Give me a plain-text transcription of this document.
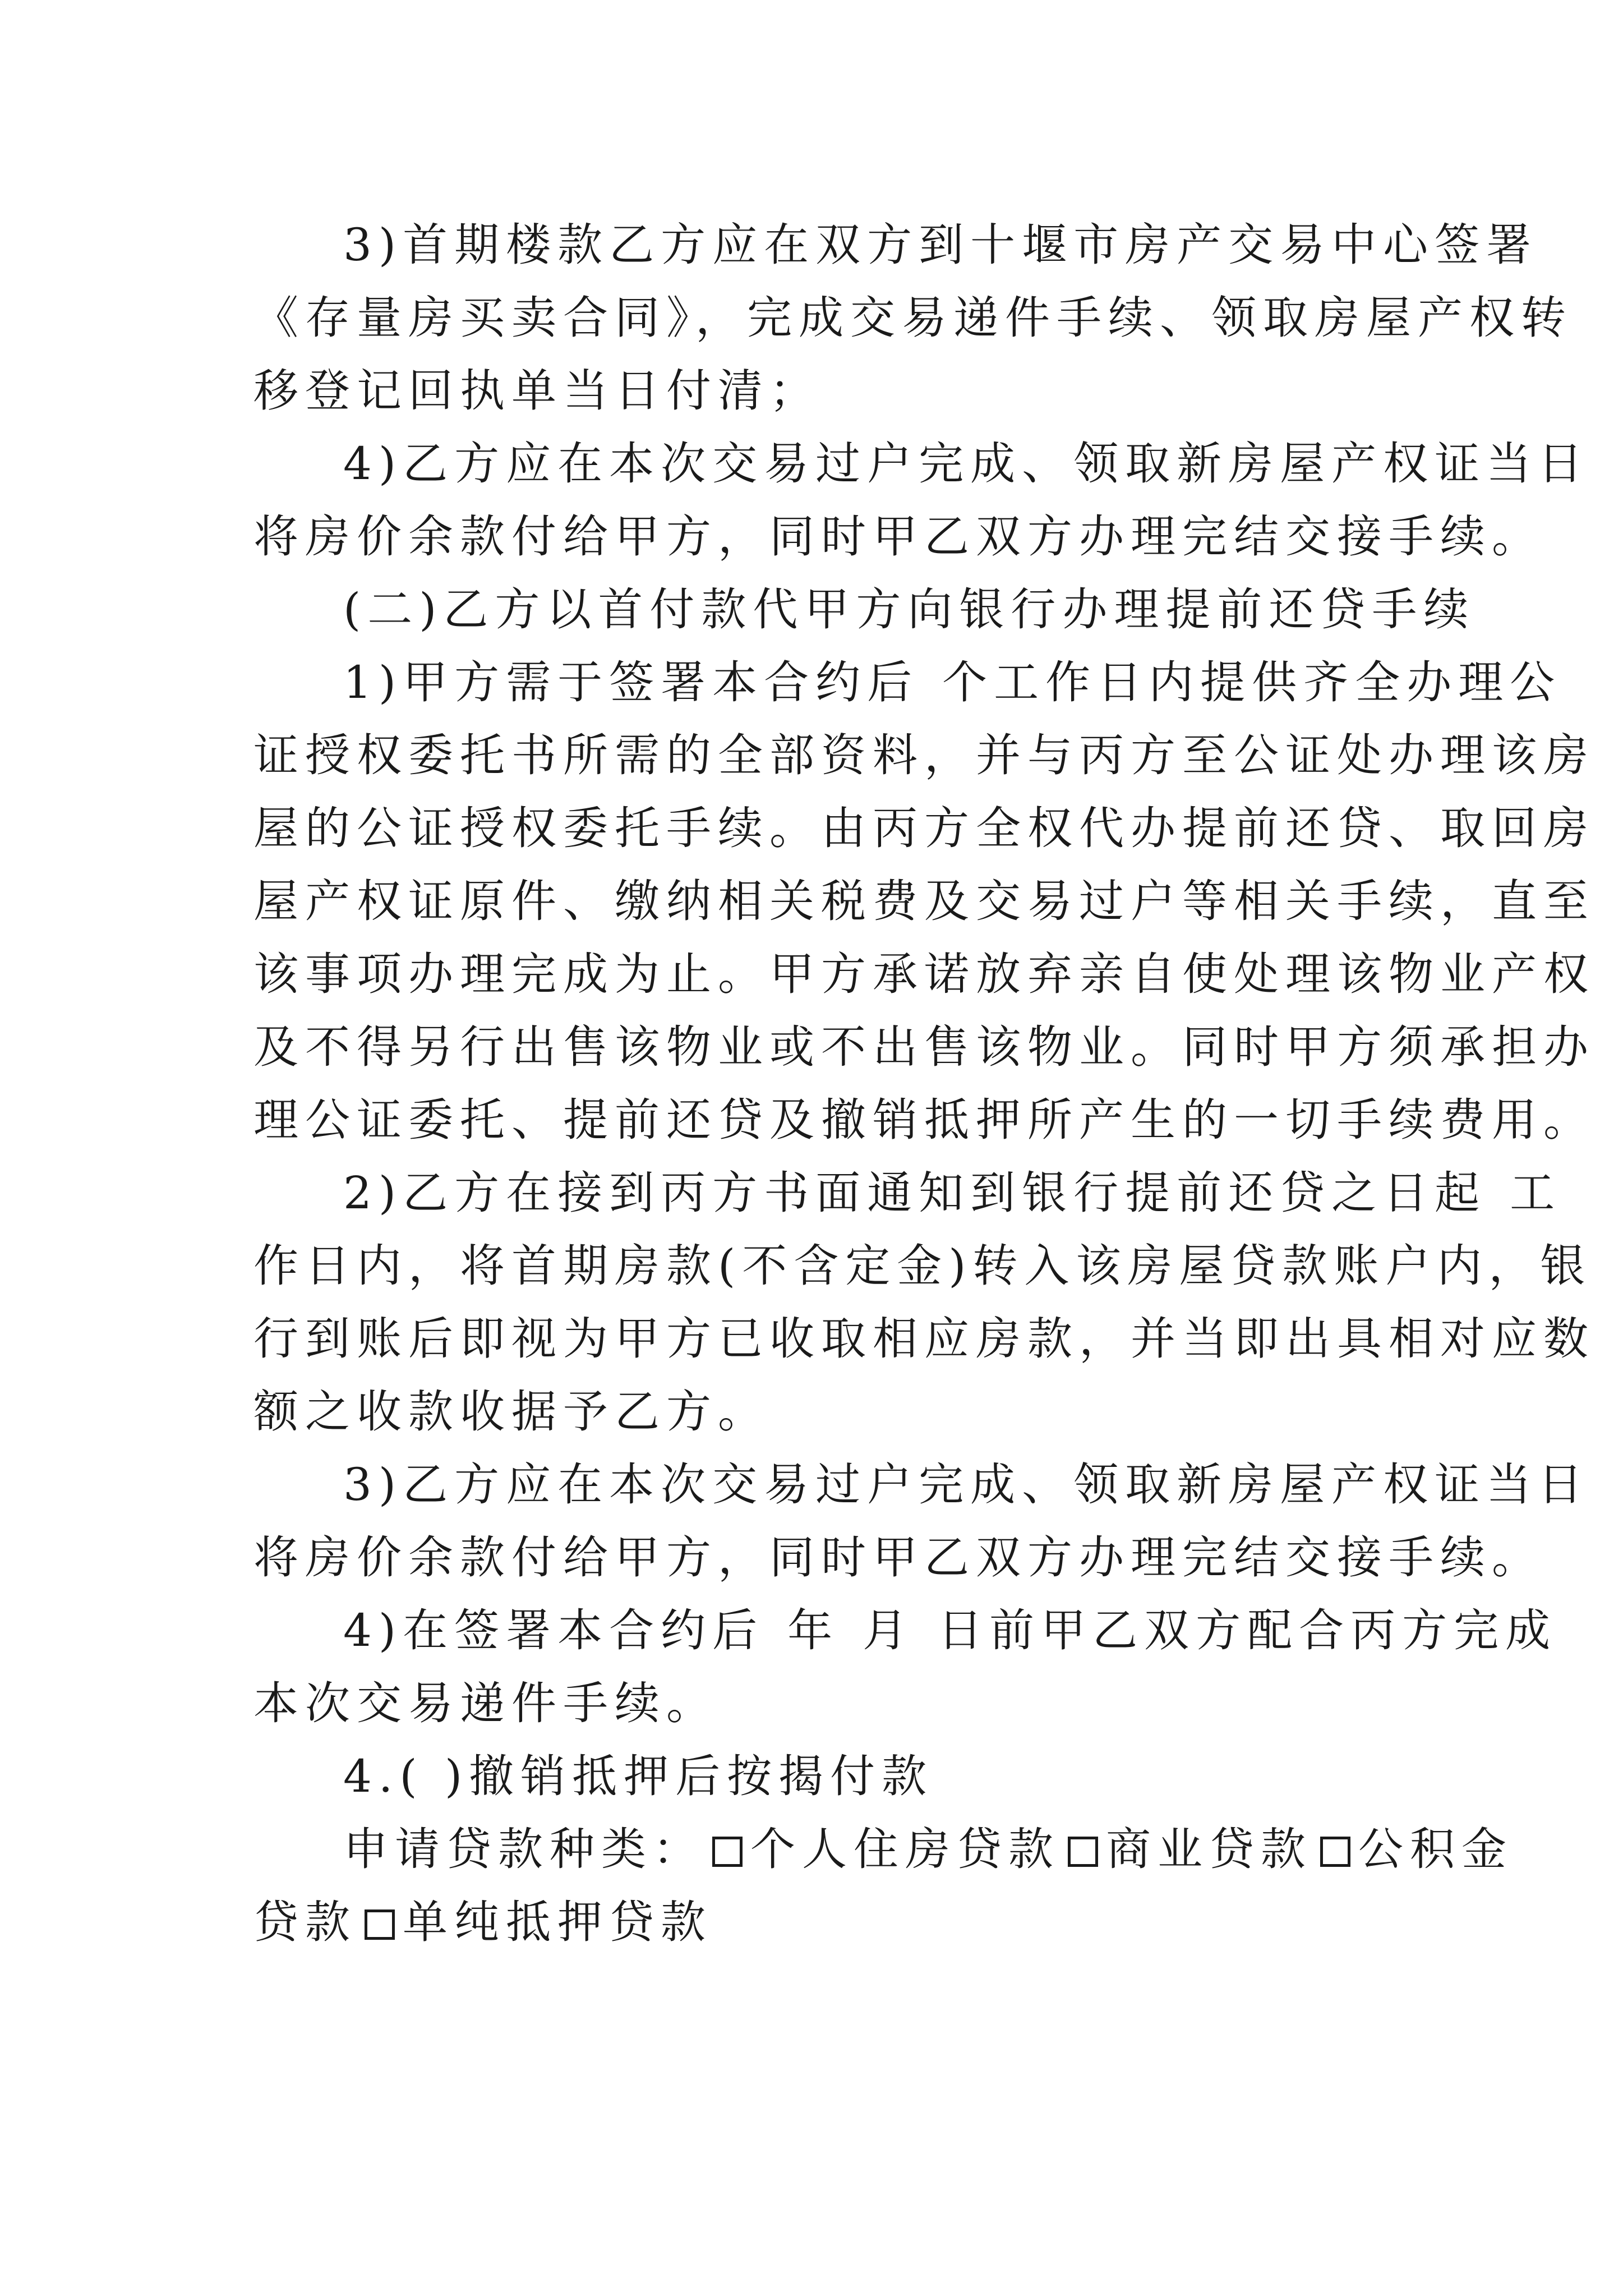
3)首期楼款乙方应在双方到十堰市房产交易中心签署
《存量房买卖合同》，完成交易递件手续、领取房屋产权转
移登记回执单当日付清；
4)乙方应在本次交易过户完成、领取新房屋产权证当日
将房价余款付给甲方，同时甲乙双方办理完结交接手续。
(二)乙方以首付款代甲方向银行办理提前还贷手续
1)甲方需于签署本合约后 个工作日内提供齐全办理公
证授权委托书所需的全部资料，并与丙方至公证处办理该房
屋的公证授权委托手续。由丙方全权代办提前还贷、取回房
屋产权证原件、缴纳相关税费及交易过户等相关手续，直至
该事项办理完成为止。甲方承诺放弃亲自使处理该物业产权
及不得另行出售该物业或不出售该物业。同时甲方须承担办
理公证委托、提前还贷及撤销抵押所产生的一切手续费用。
2)乙方在接到丙方书面通知到银行提前还贷之日起 工
作日内，将首期房款(不含定金)转入该房屋贷款账户内，银
行到账后即视为甲方已收取相应房款，并当即出具相对应数
额之收款收据予乙方。
3)乙方应在本次交易过户完成、领取新房屋产权证当日
将房价余款付给甲方，同时甲乙双方办理完结交接手续。
4)在签署本合约后 年 月 日前甲乙双方配合丙方完成
本次交易递件手续。
4.( )撤销抵押后按揭付款
申请贷款种类： 个人住房贷款 商业贷款 公积金
贷款 单纯抵押贷款
